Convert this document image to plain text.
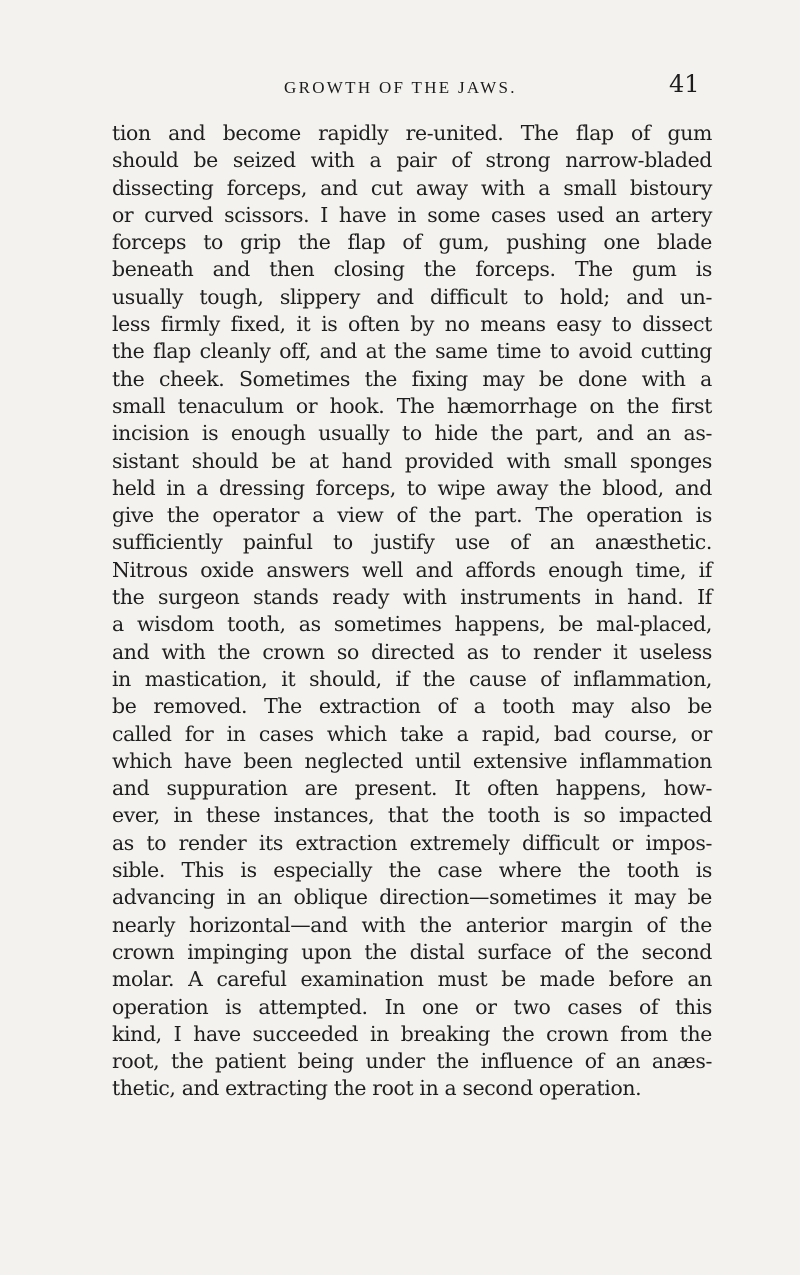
GROWTH OF THE JAWS.	41
tion and become rapidly re-united. The flap of gum
should be seized with a pair of strong narrow-bladed
dissecting forceps, and cut away with a small bistoury
or curved scissors. I have in some cases used an artery
forceps to grip the flap of gum, pushing one blade
beneath and then closing the forceps. The gum is
usually tough, slippery and difficult to hold; and un-
less firmly fixed, it is often by no means easy to dissect
the flap cleanly off, and at the same time to avoid cutting
the cheek. Sometimes the fixing may be done with a
small tenaculum or hook. The hæmorrhage on the first
incision is enough usually to hide the part, and an as-
sistant should be at hand provided with small sponges
held in a dressing forceps, to wipe away the blood, and
give the operator a view of the part. The operation is
sufficiently painful to justify use of an anæsthetic.
Nitrous oxide answers well and affords enough time, if
the surgeon stands ready with instruments in hand. If
a wisdom tooth, as sometimes happens, be mal-placed,
and with the crown so directed as to render it useless
in mastication, it should, if the cause of inflammation,
be removed. The extraction of a tooth may also be
called for in cases which take a rapid, bad course, or
which have been neglected until extensive inflammation
and suppuration are present. It often happens, how-
ever, in these instances, that the tooth is so impacted
as to render its extraction extremely difficult or impos-
sible. This is especially the case where the tooth is
advancing in an oblique direction—sometimes it may be
nearly horizontal—and with the anterior margin of the
crown impinging upon the distal surface of the second
molar. A careful examination must be made before an
operation is attempted. In one or two cases of this
kind, I have succeeded in breaking the crown from the
root, the patient being under the influence of an anæs-
thetic, and extracting the root in a second operation.
